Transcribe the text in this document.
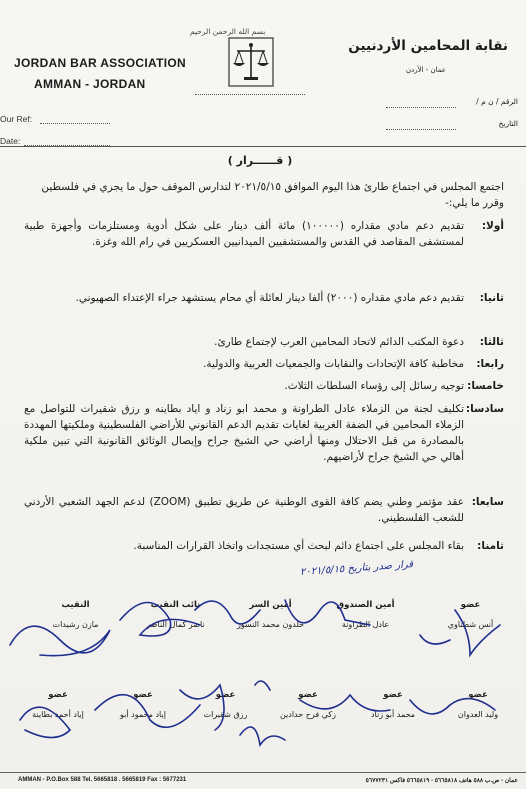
بسم الله الرحمن الرحيم
JORDAN BAR ASSOCIATION
AMMAN - JORDAN
نقابة المحامين الأردنيين
عمان - الأردن
Our Ref:
Date:
الرقم / ن م /
التاريخ
( قــــــرار )
اجتمع المجلس في اجتماع طارئ هذا اليوم الموافق ٢٠٢١/٥/١٥ لتدارس الموقف حول ما يجري في فلسطين وقرر ما يلي:-
أولا:تقديم دعم مادي مقداره (١٠٠٠٠٠) مائة ألف دينار على شكل أدوية ومستلزمات وأجهزة طبية لمستشفى المقاصد في القدس والمستشفيين الميدانيين العسكريين في رام الله وغزة.
ثانيا:تقديم دعم مادي مقداره (٢٠٠٠) ألفا دينار لعائلة أي محام يستشهد جراء الإعتداء الصهيوني.
ثالثا:دعوة المكتب الدائم لاتحاد المحامين العرب لإجتماع طارئ.
رابعا:مخاطبة كافة الإتحادات والنقابات والجمعيات العربية والدولية.
خامسا:توجيه رسائل إلى رؤساء السلطات الثلاث.
سادسا:تكليف لجنة من الزملاء عادل الطراونة و محمد ابو زناد و اياد بطاينه و رزق شقيرات للتواصل مع الزملاء المحامين في الضفة الغربية لغايات تقديم الدعم القانوني للأراضي الفلسطينية وملكيتها المهددة بالمصادرة من قبل الاحتلال ومنها أراضي حي الشيخ جراح وإيصال الوثائق القانونية التي تبين ملكية أهالي حي الشيخ جراح لأراضيهم.
سابعا:عقد مؤتمر وطني يضم كافة القوى الوطنية عن طريق تطبيق (ZOOM) لدعم الجهد الشعبي الأردني للشعب الفلسطيني.
ثامنا:بقاء المجلس على اجتماع دائم لبحث أي مستجدات واتخاذ القرارات المناسبة.
قرار صدر بتاريخ ٢٠٢١/٥/١٥
عضو
أنس شطناوي
أمين الصندوق
عادل الطراونة
أمين السر
خلدون محمد النسور
نائب النقيب
ناصر كمال الناصر
النقيب
مازن رشيدات
عضو
وليد العدوان
عضو
محمد أبو زناد
عضو
زكي فرح حدادين
عضو
رزق شقيرات
عضو
إياد محمود أبو
عضو
إياد أحمد بطاينة
AMMAN - P.O.Box 588 Tel. 5665818 . 5665819 Fax : 5677231	عمان - ص.ب ٥٨٨ هاتف ٥٦٦٥٨١٨ - ٥٦٦٥٨١٩ فاكس ٥٦٧٧٢٣١
